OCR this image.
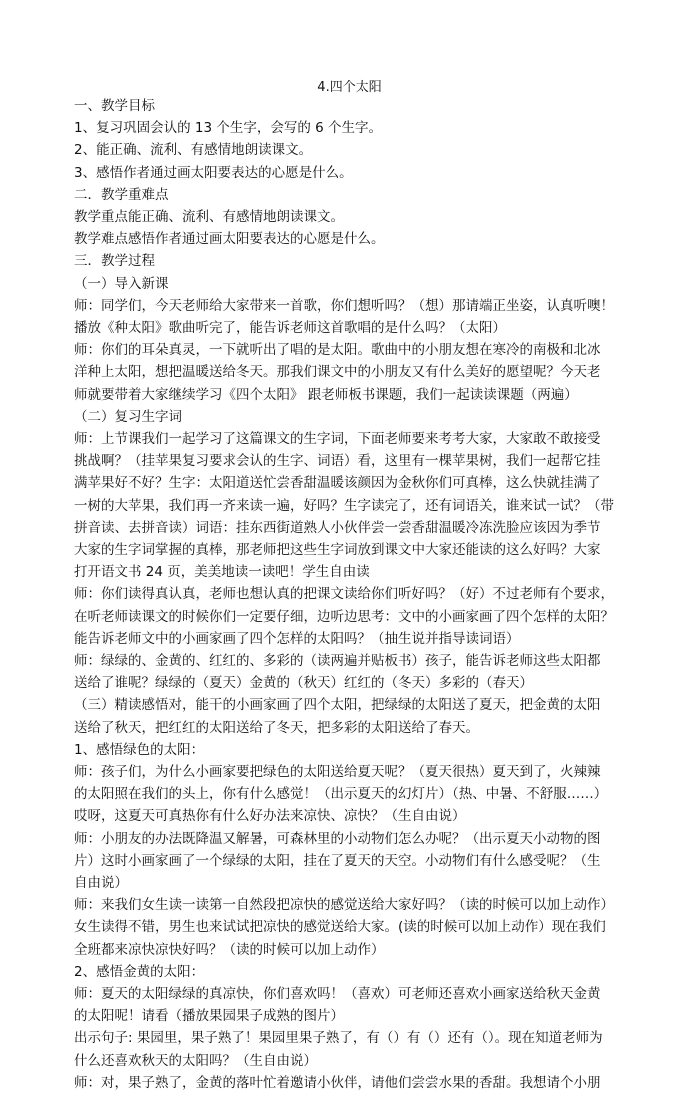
4.四个太阳

一、教学目标

1、复习巩固会认的 13 个生字，会写的 6 个生字。

2、能正确、流利、有感情地朗读课文。

3、感悟作者通过画太阳要表达的心愿是什么。

二．教学重难点

教学重点能正确、流利、有感情地朗读课文。

教学难点感悟作者通过画太阳要表达的心愿是什么。

三．教学过程

（一）导入新课

师：同学们，今天老师给大家带来一首歌，你们想听吗？（想）那请端正坐姿，认真听噢！

播放《种太阳》歌曲听完了，能告诉老师这首歌唱的是什么吗？（太阳）

师：你们的耳朵真灵，一下就听出了唱的是太阳。歌曲中的小朋友想在寒冷的南极和北冰

洋种上太阳，想把温暖送给冬天。那我们课文中的小朋友又有什么美好的愿望呢？今天老

师就要带着大家继续学习《四个太阳》 跟老师板书课题，我们一起读读课题（两遍）

（二）复习生字词

师：上节课我们一起学习了这篇课文的生字词，下面老师要来考考大家，大家敢不敢接受

挑战啊？（挂苹果复习要求会认的生字、词语）看，这里有一棵苹果树，我们一起帮它挂

满苹果好不好？生字：太阳道送忙尝香甜温暖该颜因为金秋你们可真棒，这么快就挂满了

一树的大苹果，我们再一齐来读一遍，好吗？生字读完了，还有词语关，谁来试一试？（带

拼音读、去拼音读）词语：挂东西街道熟人小伙伴尝一尝香甜温暖冷冻洗脸应该因为季节

大家的生字词掌握的真棒，那老师把这些生字词放到课文中大家还能读的这么好吗？大家

打开语文书 24 页，美美地读一读吧！学生自由读

师：你们读得真认真，老师也想认真的把课文读给你们听好吗？（好）不过老师有个要求，

在听老师读课文的时候你们一定要仔细，边听边思考：文中的小画家画了四个怎样的太阳？

能告诉老师文中的小画家画了四个怎样的太阳吗？（抽生说并指导读词语）

师：绿绿的、金黄的、红红的、多彩的（读两遍并贴板书）孩子，能告诉老师这些太阳都

送给了谁呢？绿绿的（夏天）金黄的（秋天）红红的（冬天）多彩的（春天）

（三）精读感悟对，能干的小画家画了四个太阳，把绿绿的太阳送了夏天，把金黄的太阳

送给了秋天，把红红的太阳送给了冬天，把多彩的太阳送给了春天。

1、感悟绿色的太阳：

师：孩子们，为什么小画家要把绿色的太阳送给夏天呢？（夏天很热）夏天到了，火辣辣

的太阳照在我们的头上，你有什么感觉！（出示夏天的幻灯片）（热、中暑、不舒服……）

哎呀，这夏天可真热你有什么好办法来凉快、凉快？（生自由说）

师：小朋友的办法既降温又解暑，可森林里的小动物们怎么办呢？（出示夏天小动物的图

片）这时小画家画了一个绿绿的太阳，挂在了夏天的天空。小动物们有什么感受呢？（生

自由说）

师：来我们女生读一读第一自然段把凉快的感觉送给大家好吗？（读的时候可以加上动作）

女生读得不错，男生也来试试把凉快的感觉送给大家。(读的时候可以加上动作）现在我们

全班都来凉快凉快好吗？（读的时候可以加上动作）

2、感悟金黄的太阳：

师：夏天的太阳绿绿的真凉快，你们喜欢吗！（喜欢）可老师还喜欢小画家送给秋天金黄

的太阳呢！请看（播放果园果子成熟的图片）

出示句子: 果园里，果子熟了！果园里果子熟了，有（）有（）还有（）。现在知道老师为

什么还喜欢秋天的太阳吗？（生自由说）

师：对，果子熟了，金黄的落叶忙着邀请小伙伴，请他们尝尝水果的香甜。我想请个小朋
